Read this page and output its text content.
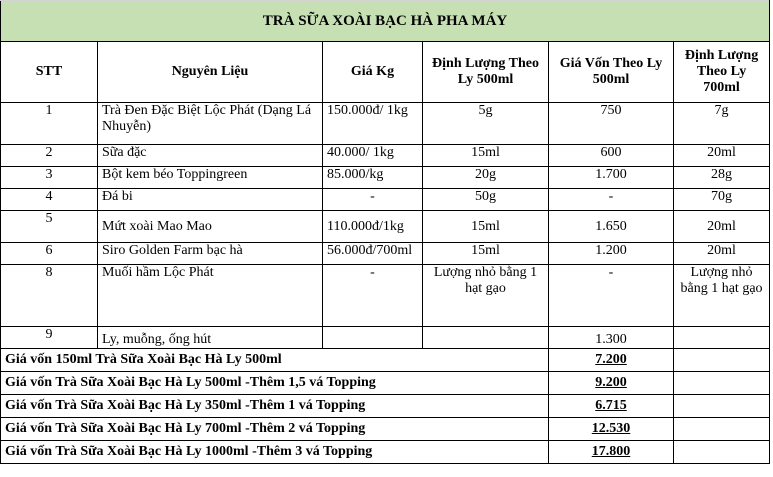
TRÀ SỮA XOÀI BẠC HÀ PHA MÁY					
STT	Nguyên Liệu	Giá Kg	Định Lượng Theo Ly 500ml	Giá Vốn Theo Ly 500ml	Định Lượng Theo Ly 700ml
1	Trà Đen Đặc Biệt Lộc Phát (Dạng Lá Nhuyễn)	150.000đ/ 1kg	5g	750	7g
2	Sữa đặc	40.000/ 1kg	15ml	600	20ml
3	Bột kem béo Toppingreen	85.000/kg	20g	1.700	28g
4	Đá bi	-	50g	-	70g
5	Mứt xoài Mao Mao	110.000đ/1kg	15ml	1.650	20ml
6	Siro Golden Farm bạc hà	56.000đ/700ml	15ml	1.200	20ml
8	Muối hầm Lộc Phát	-	Lượng nhỏ bằng 1 hạt gạo	-	Lượng nhỏ bằng 1 hạt gạo
9	Ly, muỗng, ống hút			1.300	
Giá vốn 150ml Trà Sữa Xoài Bạc Hà Ly 500ml				7.200	
Giá vốn Trà Sữa Xoài Bạc Hà Ly 500ml -Thêm 1,5 vá Topping				9.200	
Giá vốn Trà Sữa Xoài Bạc Hà Ly 350ml -Thêm 1 vá Topping				6.715	
Giá vốn Trà Sữa Xoài Bạc Hà Ly 700ml -Thêm 2 vá Topping				12.530	
Giá vốn Trà Sữa Xoài Bạc Hà Ly 1000ml -Thêm 3 vá Topping				17.800	
